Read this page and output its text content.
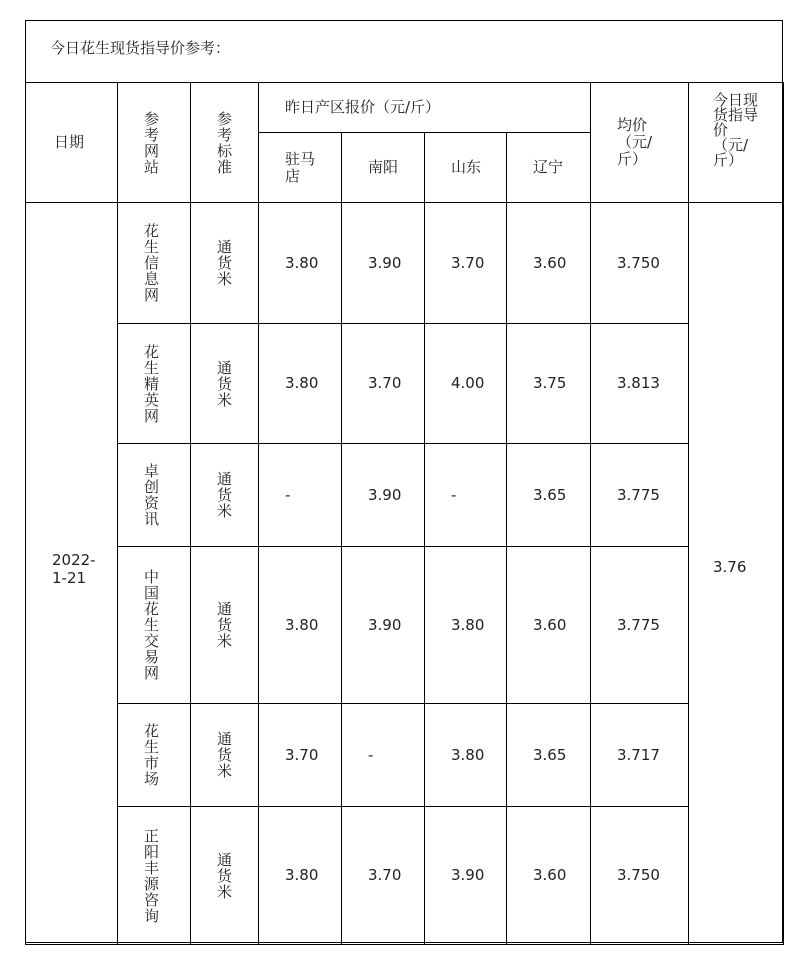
今日花生现货指导价参考：
日期	参考网站	参考标准	昨日产区报价（元/斤）				均价（元/斤）	今日现货指导价（元/斤）

			驻马店	南阳	山东	辽宁		

2022-1-21	花生信息网	通货米	3.80	3.90	3.70	3.60	3.750	3.76

	花生精英网	通货米	3.80	3.70	4.00	3.75	3.813	

	卓创资讯	通货米	-	3.90	-	3.65	3.775	

	中国花生交易网	通货米	3.80	3.90	3.80	3.60	3.775	

	花生市场	通货米	3.70	-	3.80	3.65	3.717	

	正阳丰源咨询	通货米	3.80	3.70	3.90	3.60	3.750	
